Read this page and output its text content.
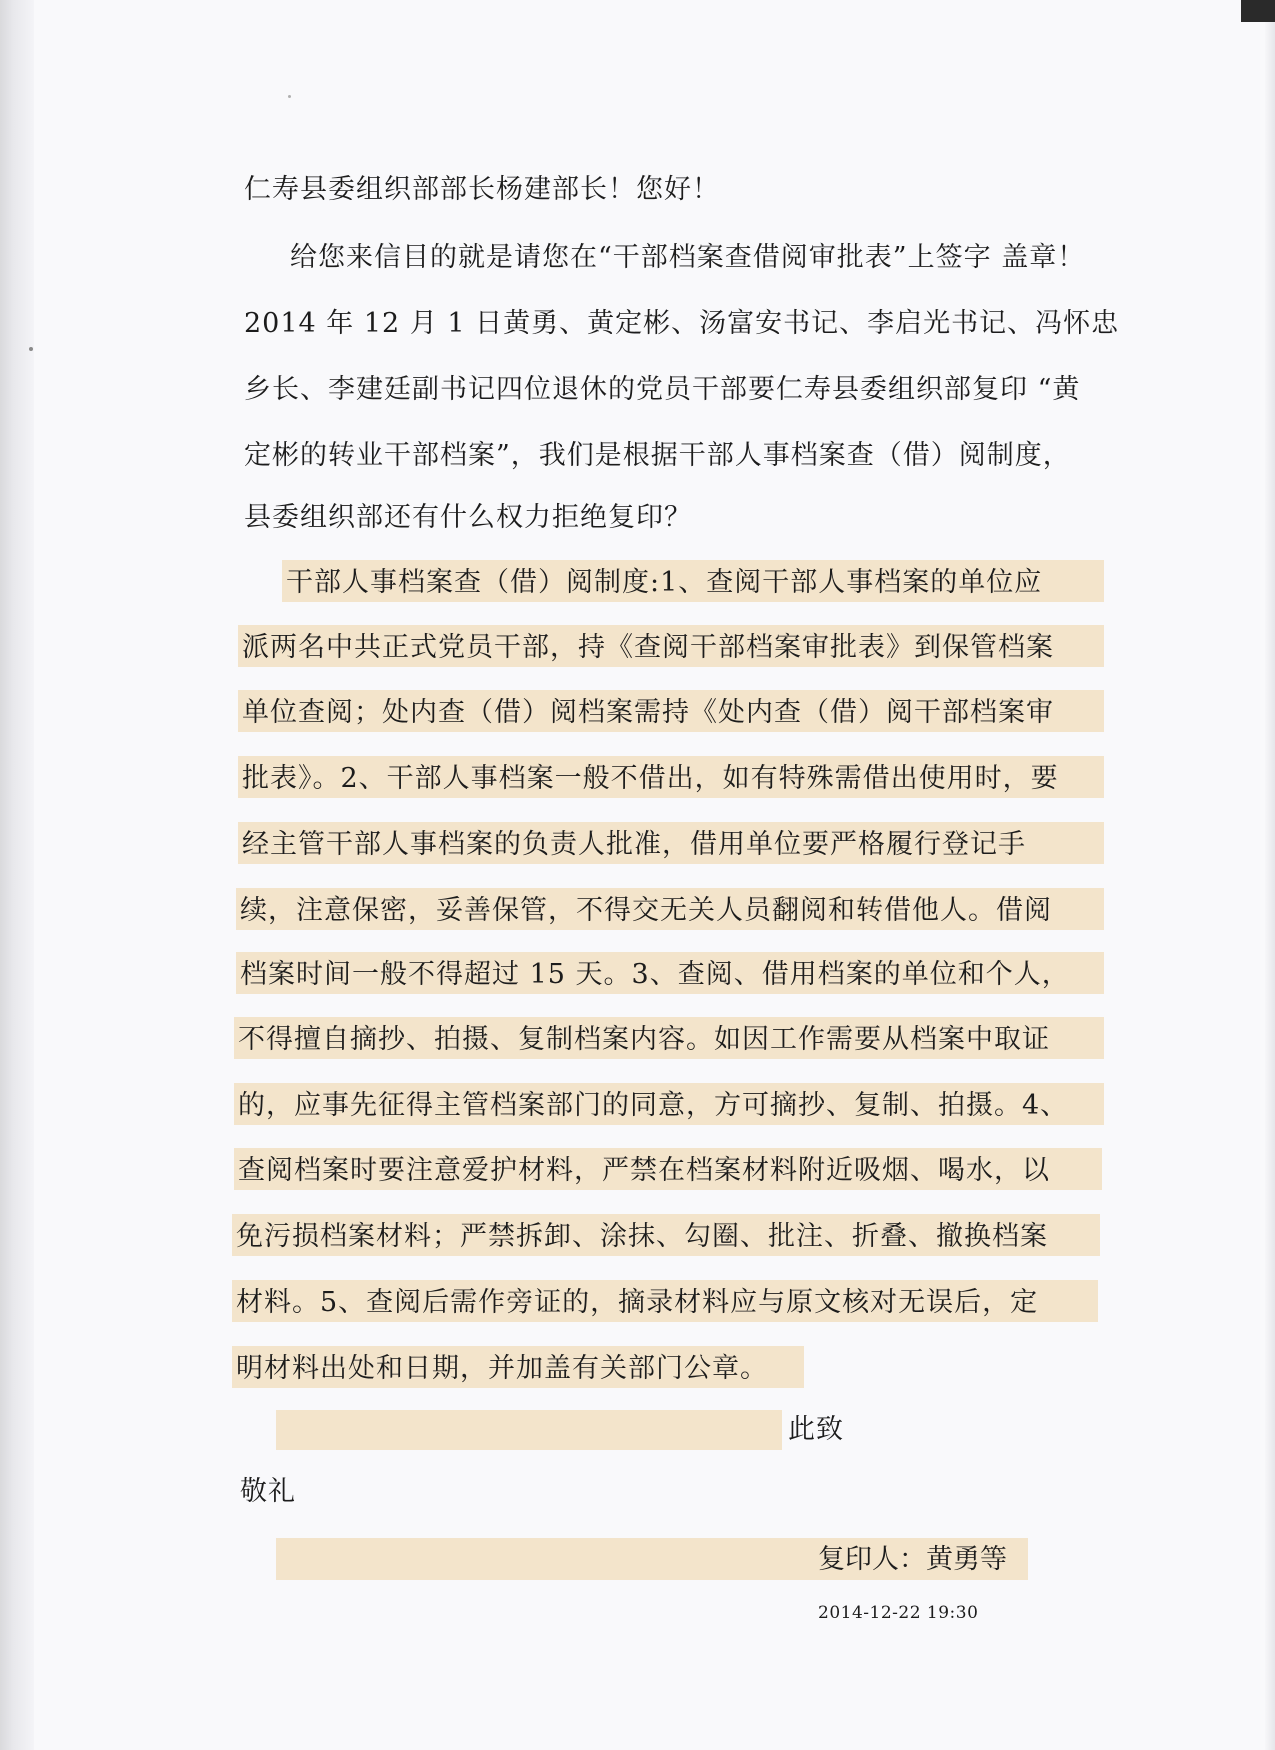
仁寿县委组织部部长杨建部长！您好！
给您来信目的就是请您在“干部档案查借阅审批表”上签字 盖章！
2014 年 12 月 1 日黄勇、黄定彬、汤富安书记、李启光书记、冯怀忠
乡长、李建廷副书记四位退休的党员干部要仁寿县委组织部复印 “黄
定彬的转业干部档案”，我们是根据干部人事档案查（借）阅制度，
县委组织部还有什么权力拒绝复印？
干部人事档案查（借）阅制度:1、查阅干部人事档案的单位应
派两名中共正式党员干部，持《查阅干部档案审批表》到保管档案
单位查阅；处内查（借）阅档案需持《处内查（借）阅干部档案审
批表》。2、干部人事档案一般不借出，如有特殊需借出使用时，要
经主管干部人事档案的负责人批准，借用单位要严格履行登记手
续，注意保密，妥善保管，不得交无关人员翻阅和转借他人。借阅
档案时间一般不得超过 15 天。3、查阅、借用档案的单位和个人，
不得擅自摘抄、拍摄、复制档案内容。如因工作需要从档案中取证
的，应事先征得主管档案部门的同意，方可摘抄、复制、拍摄。4、
查阅档案时要注意爱护材料，严禁在档案材料附近吸烟、喝水，以
免污损档案材料；严禁拆卸、涂抹、勾圈、批注、折叠、撤换档案
材料。5、查阅后需作旁证的，摘录材料应与原文核对无误后，定
明材料出处和日期，并加盖有关部门公章。
此致
敬礼
复印人：黄勇等
2014-12-22 19:30
